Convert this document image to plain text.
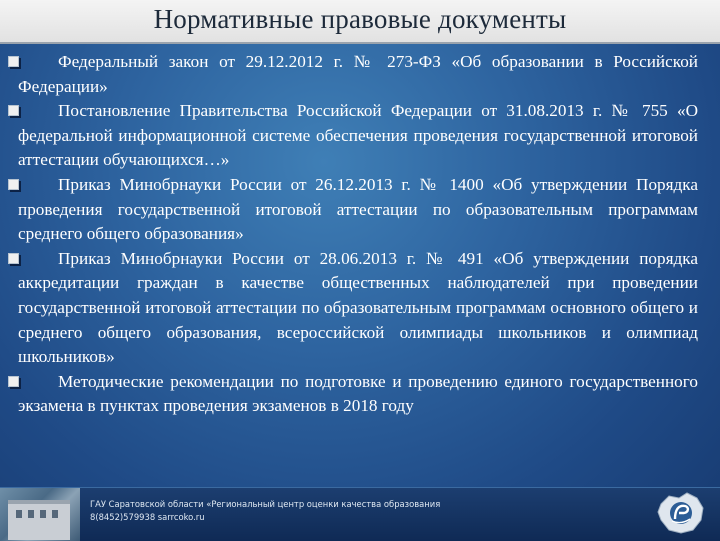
Нормативные правовые документы
Федеральный закон от 29.12.2012 г. № 273-ФЗ «Об образовании в Российской Федерации»
Постановление Правительства Российской Федерации от 31.08.2013 г. № 755 «О федеральной информационной системе обеспечения проведения государственной итоговой аттестации обучающихся…»
Приказ Минобрнауки России от 26.12.2013 г. № 1400 «Об утверждении Порядка проведения государственной итоговой аттестации по образовательным программам среднего общего образования»
Приказ Минобрнауки России от 28.06.2013 г. № 491 «Об утверждении порядка аккредитации граждан в качестве общественных наблюдателей при проведении государственной итоговой аттестации по образовательным программам основного общего и среднего общего образования, всероссийской олимпиады школьников и олимпиад школьников»
Методические рекомендации по подготовке и проведению единого государственного экзамена в пунктах проведения экзаменов в 2018 году
ГАУ Саратовской области «Региональный центр оценки качества образования
8(8452)579938 sarrcoko.ru
